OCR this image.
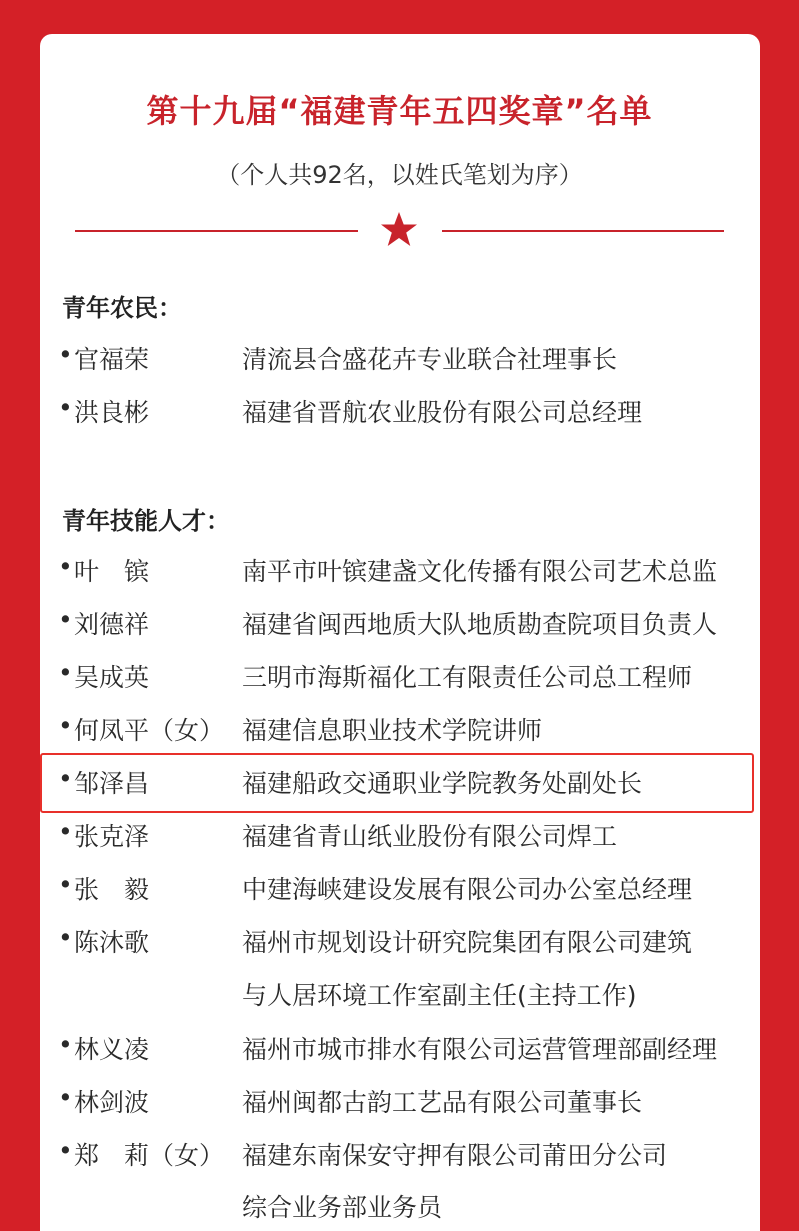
第十九届“福建青年五四奖章”名单
（个人共92名，以姓氏笔划为序）
青年农民：
• 官福荣	清流县合盛花卉专业联合社理事长
• 洪良彬	福建省晋航农业股份有限公司总经理
青年技能人才：
• 叶　镔	南平市叶镔建盏文化传播有限公司艺术总监
• 刘德祥	福建省闽西地质大队地质勘查院项目负责人
• 吴成英	三明市海斯福化工有限责任公司总工程师
• 何凤平（女） 福建信息职业技术学院讲师
• 邹泽昌	福建船政交通职业学院教务处副处长
• 张克泽	福建省青山纸业股份有限公司焊工
• 张　毅	中建海峡建设发展有限公司办公室总经理
• 陈沐歌	福州市规划设计研究院集团有限公司建筑
与人居环境工作室副主任(主持工作)
• 林义凌	福州市城市排水有限公司运营管理部副经理
• 林剑波	福州闽都古韵工艺品有限公司董事长
• 郑　莉（女） 福建东南保安守押有限公司莆田分公司
综合业务部业务员
